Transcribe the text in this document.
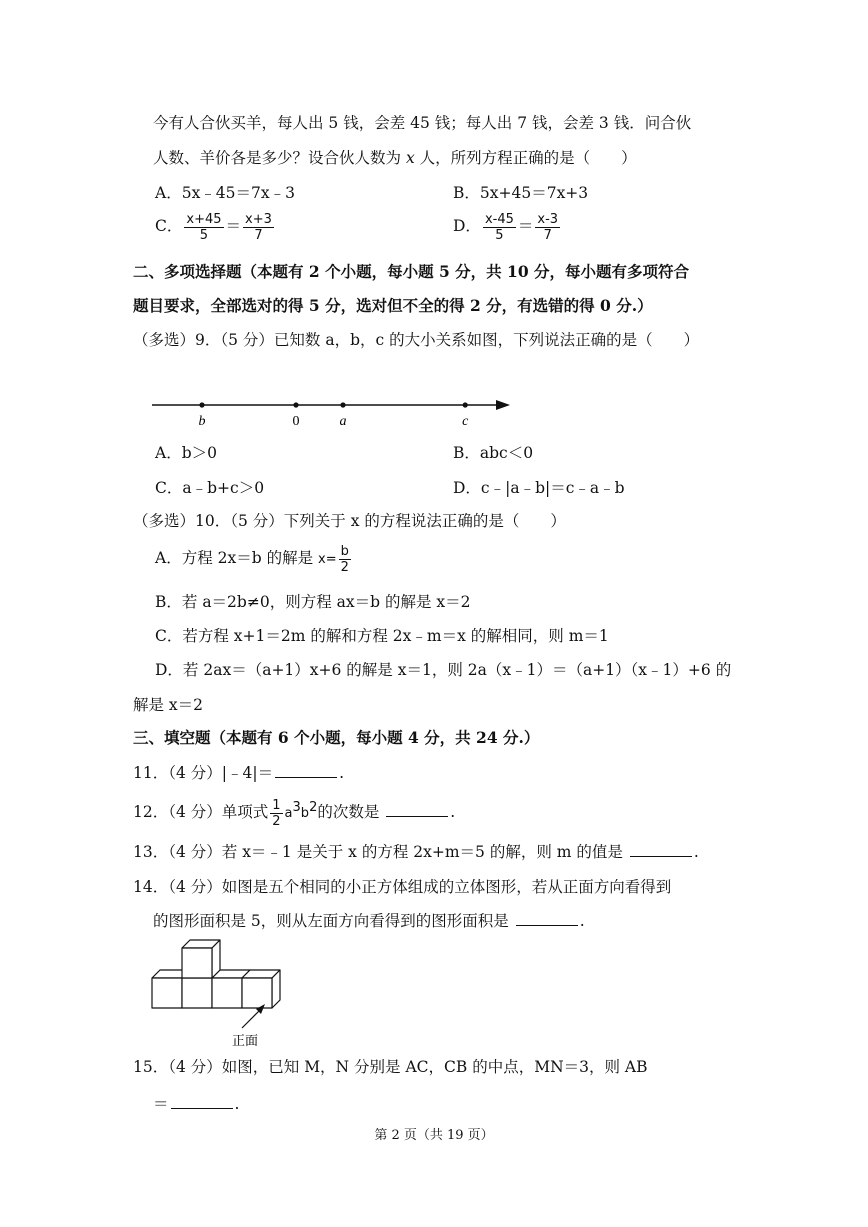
今有人合伙买羊，每人出 5 钱，会差 45 钱；每人出 7 钱，会差 3 钱．问合伙
人数、羊价各是多少？设合伙人数为 x 人，所列方程正确的是（　　）
A．5x﹣45＝7x﹣3	B．5x+45＝7x+3
C． $\frac{x+45}{5} = \frac{x+3}{7}$	D． $\frac{x-45}{5} = \frac{x-3}{7}$
二、多项选择题（本题有 2 个小题，每小题 5 分，共 10 分，每小题有多项符合
题目要求，全部选对的得 5 分，选对但不全的得 2 分，有选错的得 0 分.）
（多选）9．（5 分）已知数 a，b，c 的大小关系如图，下列说法正确的是（　　）
b	0	a	c
A．b＞0	B．abc＜0
C．a﹣b+c＞0	D．c﹣|a﹣b|＝c﹣a﹣b
（多选）10．（5 分）下列关于 x 的方程说法正确的是（　　）
A．方程 2x＝b 的解是 $x= \frac{b}{2}$
B．若 a＝2b≠0，则方程 ax＝b 的解是 x＝2
C．若方程 x+1＝2m 的解和方程 2x﹣m＝x 的解相同，则 m＝1
D．若 2ax＝（a+1）x+6 的解是 x＝1，则 2a（x﹣1）＝（a+1）（x﹣1）+6 的
解是 x＝2
三、填空题（本题有 6 个小题，每小题 4 分，共 24 分.）
11．（4 分）|﹣4|＝	.
12．（4 分）单项式 $\frac{1}{2} a^3b^2$的次数是	.
13．（4 分）若 x＝﹣1 是关于 x 的方程 2x+m＝5 的解，则 m 的值是	.
14．（4 分）如图是五个相同的小正方体组成的立体图形，若从正面方向看得到
的图形面积是 5，则从左面方向看得到的图形面积是	.
正面
15．（4 分）如图，已知 M，N 分别是 AC，CB 的中点，MN＝3，则 AB
＝	.
第 2 页（共 19 页）
